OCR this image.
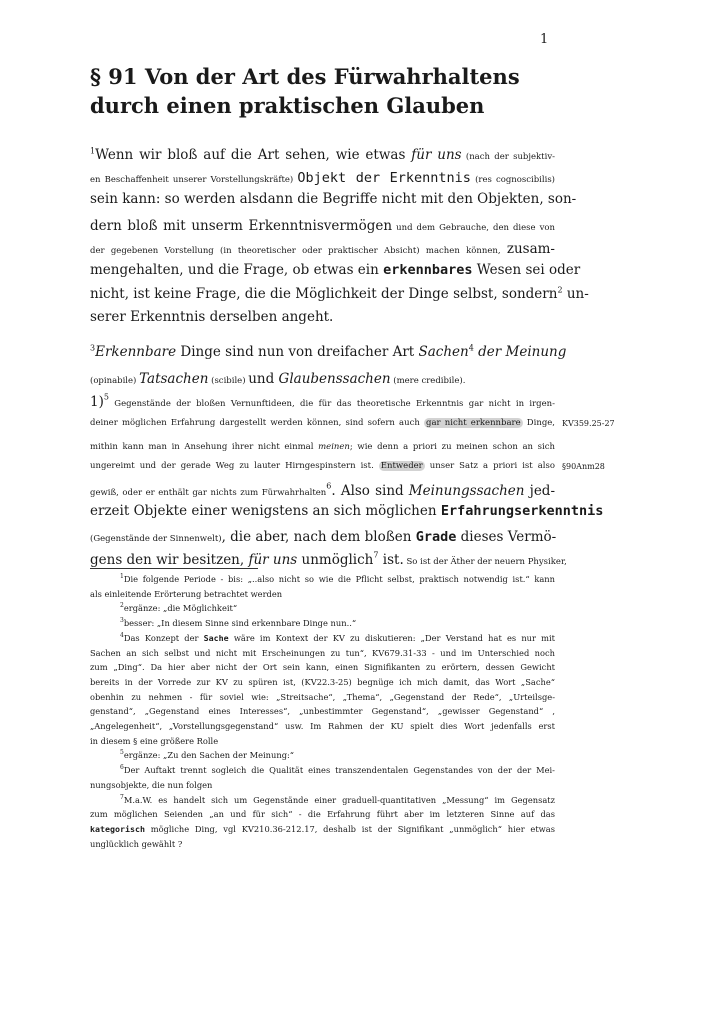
1
§ 91 Von der Art des Fürwahrhaltens durch einen praktischen Glauben
$^1$Wenn wir bloß auf die Art sehen, wie etwas für uns (nach der subjektiv-
en Beschaffenheit unserer Vorstellungskräfte) Objekt der Erkenntnis (res cognoscibilis)
sein kann: so werden alsdann die Begriffe nicht mit den Objekten, son-
dern bloß mit unserm Erkenntnisvermögen und dem Gebrauche, den diese von
der gegebenen Vorstellung (in theoretischer oder praktischer Absicht) machen können, zusam-
mengehalten, und die Frage, ob etwas ein erkennbares Wesen sei oder
nicht, ist keine Frage, die die Möglichkeit der Dinge selbst, sondern$^2$ un-
serer Erkenntnis derselben angeht.
$^3$Erkennbare Dinge sind nun von dreifacher Art Sachen$^4$ der Meinung
(opinabile) Tatsachen (scibile) und Glaubenssachen (mere credibile).
1)$^5$ Gegenstände der bloßen Vernunftideen, die für das theoretische Erkenntnis gar nicht in irgen-
deiner möglichen Erfahrung dargestellt werden können, sind sofern auch gar nicht erkennbare Dinge, KV359.25-27
mithin kann man in Ansehung ihrer nicht einmal meinen; wie denn a priori zu meinen schon an sich
ungereimt und der gerade Weg zu lauter Hirngespinstern ist. Entweder unser Satz a priori ist also §90Anm28
gewiß, oder er enthält gar nichts zum Fürwahrhalten$^6$. Also sind Meinungssachen jed-
erzeit Objekte einer wenigstens an sich möglichen Erfahrungserkenntnis
(Gegenstände der Sinnenwelt), die aber, nach dem bloßen Grade dieses Vermö-
gens den wir besitzen, für uns unmöglich$^7$ ist. So ist der Äther der neuern Physiker,

$^1$Die folgende Periode - bis: „..also nicht so wie die Pflicht selbst, praktisch notwendig ist.“ kann

als einleitende Erörterung betrachtet werden

$^2$ergänze: „die Möglichkeit“

$^3$besser: „In diesem Sinne sind erkennbare Dinge nun..“

$^4$Das Konzept der Sache wäre im Kontext der KV zu diskutieren: „Der Verstand hat es nur mit

Sachen an sich selbst und nicht mit Erscheinungen zu tun“, KV679.31-33 - und im Unterschied noch

zum „Ding“. Da hier aber nicht der Ort sein kann, einen Signifikanten zu erörtern, dessen Gewicht

bereits in der Vorrede zur KV zu spüren ist, (KV22.3-25) begnüge ich mich damit, das Wort „Sache“

obenhin zu nehmen - für soviel wie: „Streitsache“, „Thema“, „Gegenstand der Rede“, „Urteilsge-

genstand“, „Gegenstand eines Interesses“, „unbestimmter Gegenstand“, „gewisser Gegenstand“ ,

„Angelegenheit“, „Vorstellungsgegenstand“ usw. Im Rahmen der KU spielt dies Wort jedenfalls erst

in diesem § eine größere Rolle

$^5$ergänze: „Zu den Sachen der Meinung:“

$^6$Der Auftakt trennt sogleich die Qualität eines transzendentalen Gegenstandes von der der Mei-

nungsobjekte, die nun folgen

$^7$M.a.W. es handelt sich um Gegenstände einer graduell-quantitativen „Messung“ im Gegensatz

zum möglichen Seienden „an und für sich“ - die Erfahrung führt aber im letzteren Sinne auf das

kategorisch mögliche Ding, vgl KV210.36-212.17, deshalb ist der Signifikant „unmöglich“ hier etwas

unglücklich gewählt ?
